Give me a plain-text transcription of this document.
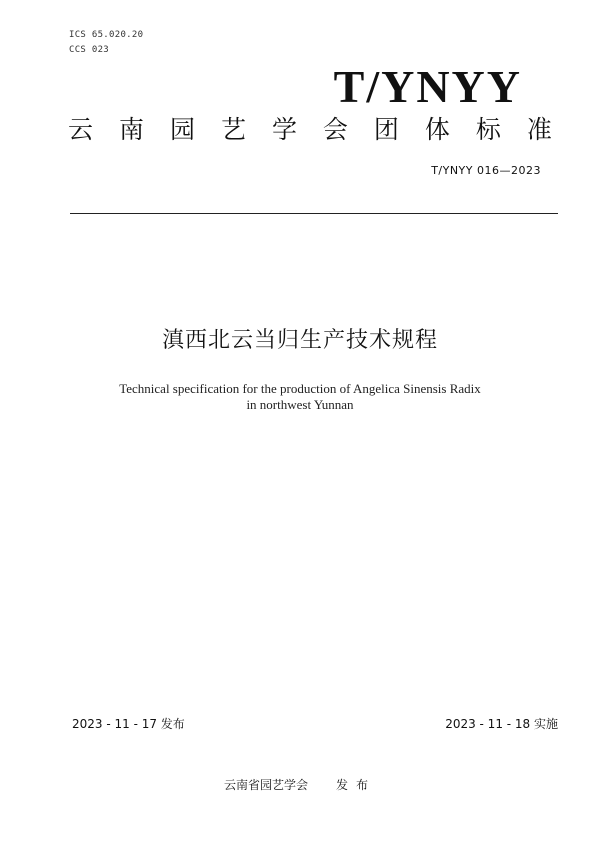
ICS 65.020.20
CCS 023
T/YNYY
云 南 园 艺 学 会 团 体 标 准
T/YNYY 016—2023
滇西北云当归生产技术规程
Technical specification for the production of Angelica Sinensis Radix
in northwest Yunnan
2023 - 11 - 17 发布	2023 - 11 - 18 实施
云南省园艺学会 发布
